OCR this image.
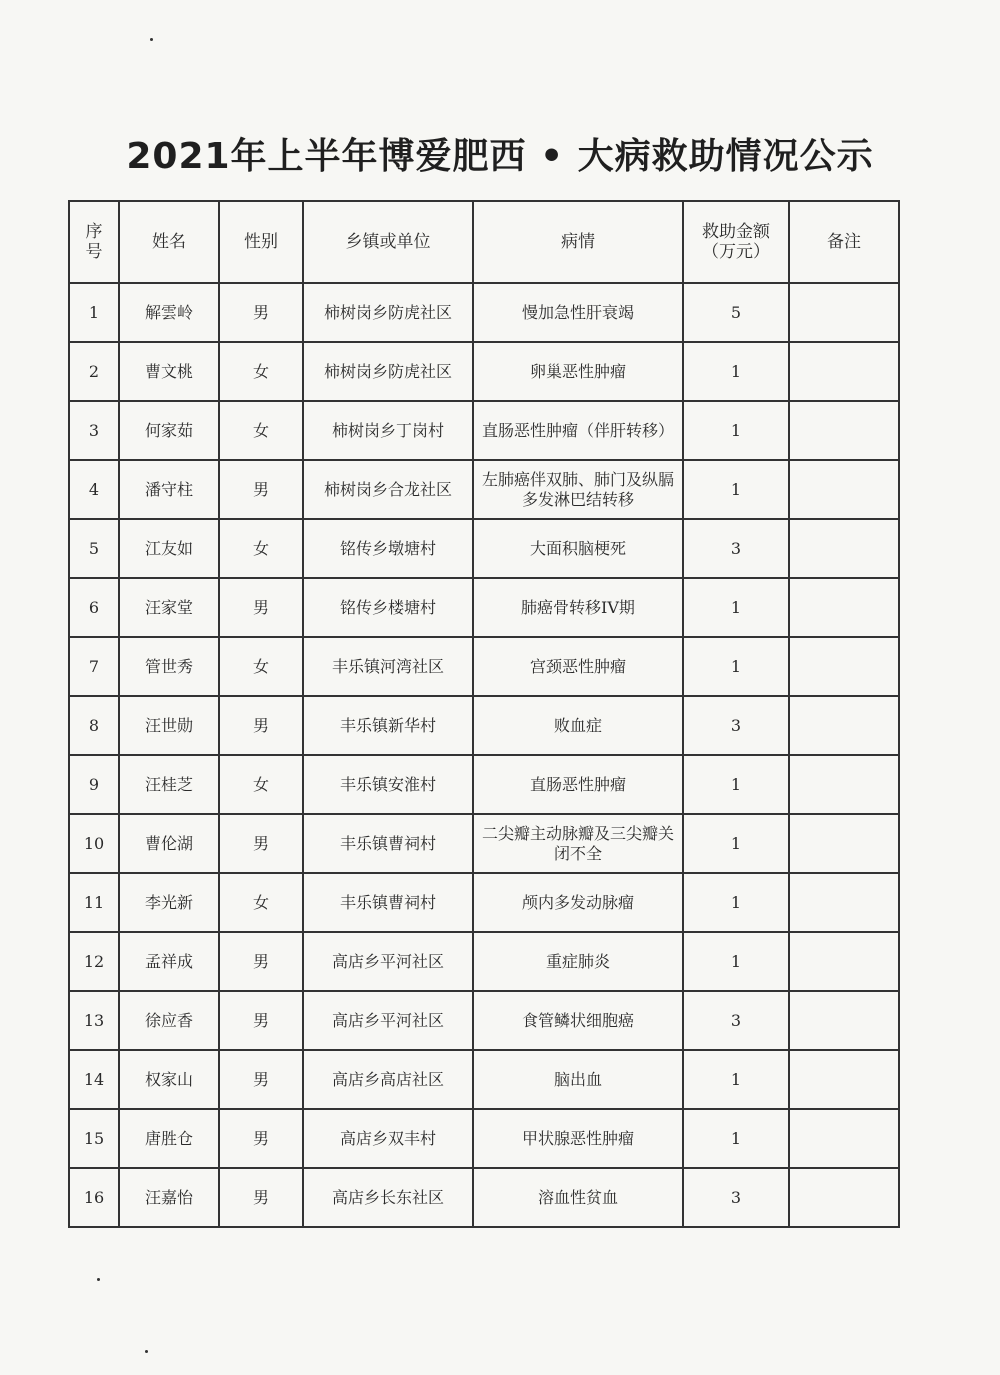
2021年上半年博爱肥西 • 大病救助情况公示
序号	姓名	性别	乡镇或单位	病情	救助金额（万元）	备注
1	解雲岭	男	柿树岗乡防虎社区	慢加急性肝衰竭	5	
2	曹文桃	女	柿树岗乡防虎社区	卵巢恶性肿瘤	1	
3	何家茹	女	柿树岗乡丁岗村	直肠恶性肿瘤（伴肝转移）	1	
4	潘守柱	男	柿树岗乡合龙社区	左肺癌伴双肺、肺门及纵膈多发淋巴结转移	1	
5	江友如	女	铭传乡墩塘村	大面积脑梗死	3	
6	汪家堂	男	铭传乡楼塘村	肺癌骨转移IV期	1	
7	管世秀	女	丰乐镇河湾社区	宫颈恶性肿瘤	1	
8	汪世勋	男	丰乐镇新华村	败血症	3	
9	汪桂芝	女	丰乐镇安淮村	直肠恶性肿瘤	1	
10	曹伦湖	男	丰乐镇曹祠村	二尖瓣主动脉瓣及三尖瓣关闭不全	1	
11	李光新	女	丰乐镇曹祠村	颅内多发动脉瘤	1	
12	孟祥成	男	高店乡平河社区	重症肺炎	1	
13	徐应香	男	高店乡平河社区	食管鳞状细胞癌	3	
14	权家山	男	高店乡高店社区	脑出血	1	
15	唐胜仓	男	高店乡双丰村	甲状腺恶性肿瘤	1	
16	汪嘉怡	男	高店乡长东社区	溶血性贫血	3	
